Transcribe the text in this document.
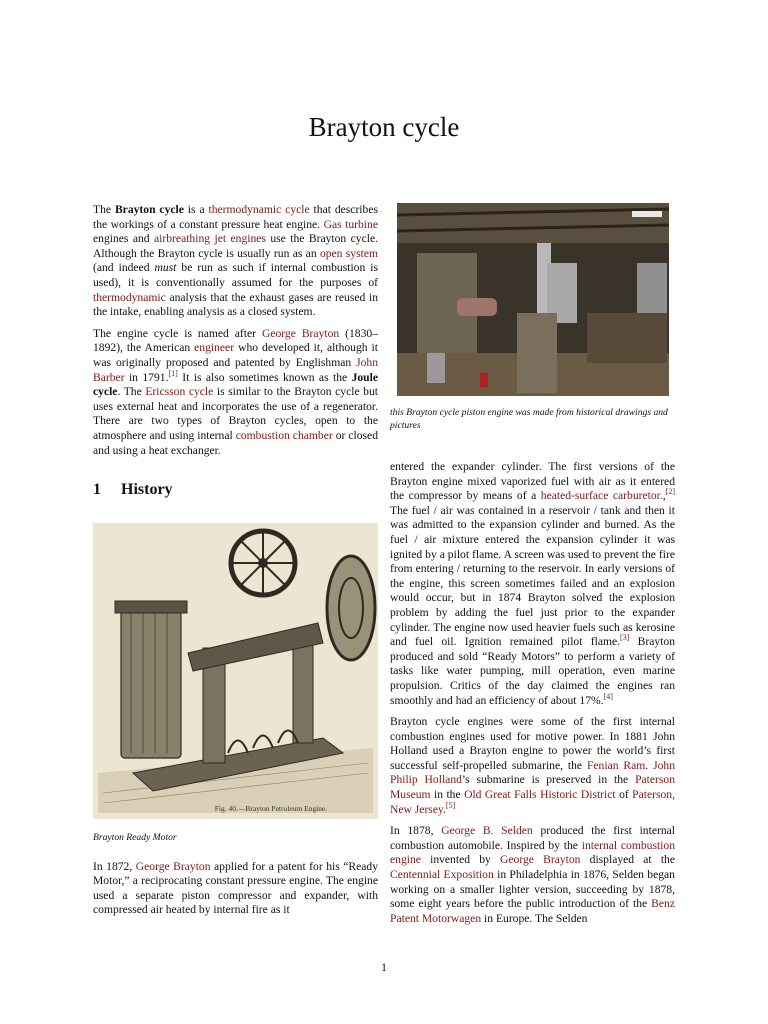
Brayton cycle

The Brayton cycle is a thermodynamic cycle that describes the workings of a constant pressure heat engine. Gas turbine engines and airbreathing jet engines use the Brayton cycle. Although the Brayton cycle is usually run as an open system (and indeed must be run as such if internal combustion is used), it is conventionally assumed for the purposes of thermodynamic analysis that the exhaust gases are reused in the intake, enabling analysis as a closed system.

The engine cycle is named after George Brayton (1830–1892), the American engineer who developed it, although it was originally proposed and patented by Englishman John Barber in 1791.[1] It is also sometimes known as the Joule cycle. The Ericsson cycle is similar to the Brayton cycle but uses external heat and incorporates the use of a regenerator. There are two types of Brayton cycles, open to the atmosphere and using internal combustion chamber or closed and using a heat exchanger.

1 History
Fig. 40.—Brayton Petroleum Engine.
Brayton Ready Motor

In 1872, George Brayton applied for a patent for his “Ready Motor,” a reciprocating constant pressure engine. The engine used a separate piston compressor and expander, with compressed air heated by internal fire as it

this Brayton cycle piston engine was made from historical drawings and pictures

entered the expander cylinder. The first versions of the Brayton engine mixed vaporized fuel with air as it entered the compressor by means of a heated-surface carburetor.,[2] The fuel / air was contained in a reservoir / tank and then it was admitted to the expansion cylinder and burned. As the fuel / air mixture entered the expansion cylinder it was ignited by a pilot flame. A screen was used to prevent the fire from entering / returning to the reservoir. In early versions of the engine, this screen sometimes failed and an explosion would occur, but in 1874 Brayton solved the explosion problem by adding the fuel just prior to the expander cylinder. The engine now used heavier fuels such as kerosine and fuel oil. Ignition remained pilot flame.[3] Brayton produced and sold “Ready Motors” to perform a variety of tasks like water pumping, mill operation, even marine propulsion. Critics of the day claimed the engines ran smoothly and had an efficiency of about 17%.[4]

Brayton cycle engines were some of the first internal combustion engines used for motive power. In 1881 John Holland used a Brayton engine to power the world’s first successful self-propelled submarine, the Fenian Ram. John Philip Holland’s submarine is preserved in the Paterson Museum in the Old Great Falls Historic District of Paterson, New Jersey.[5]

In 1878, George B. Selden produced the first internal combustion automobile. Inspired by the internal combustion engine invented by George Brayton displayed at the Centennial Exposition in Philadelphia in 1876, Selden began working on a smaller lighter version, succeeding by 1878, some eight years before the public introduction of the Benz Patent Motorwagen in Europe. The Selden

1
